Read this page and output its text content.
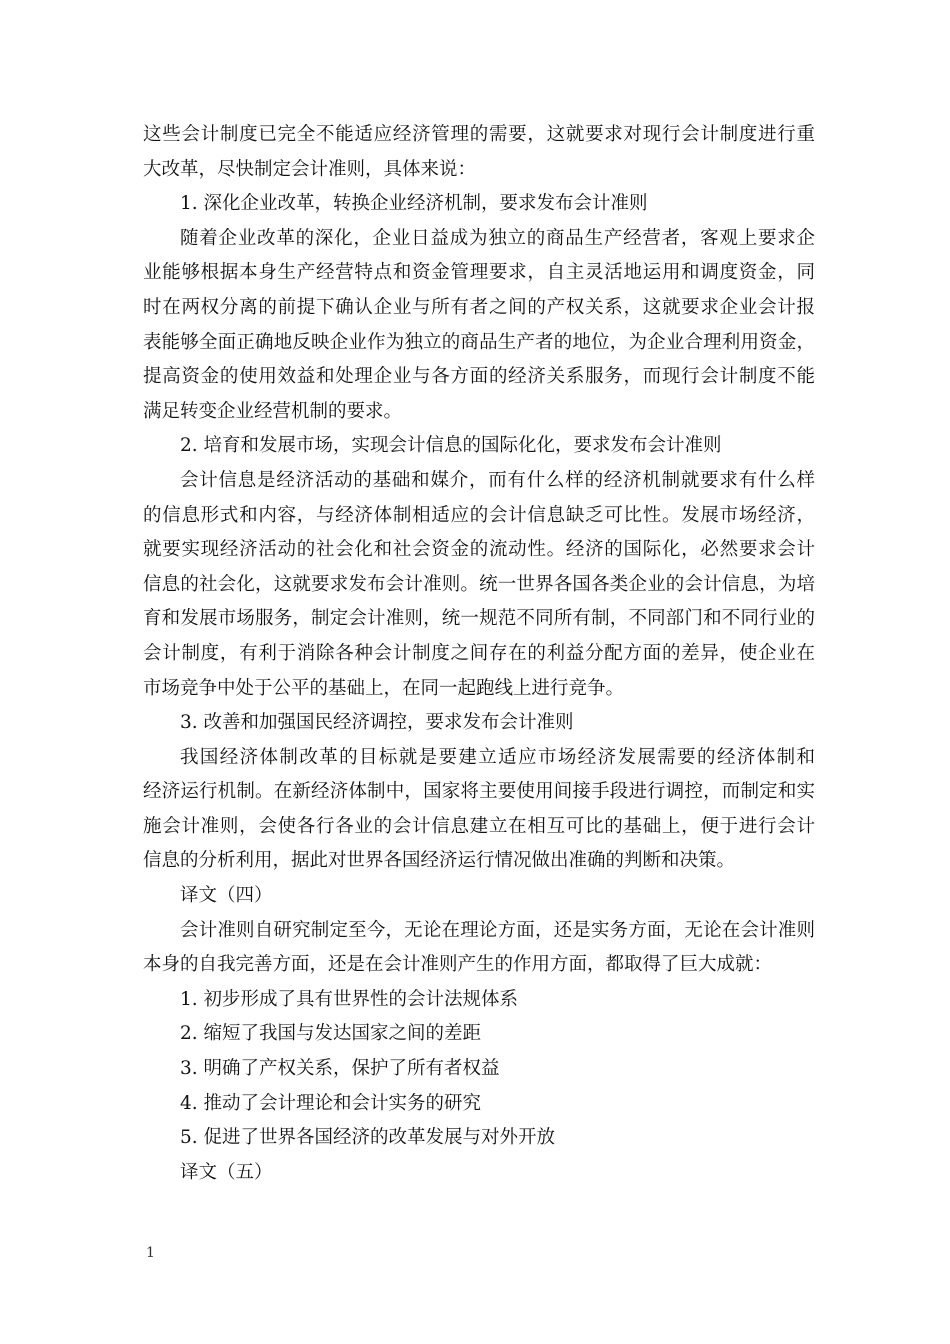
这些会计制度已完全不能适应经济管理的需要，这就要求对现行会计制度进行重
大改革，尽快制定会计准则，具体来说：
1. 深化企业改革，转换企业经济机制，要求发布会计准则
随着企业改革的深化，企业日益成为独立的商品生产经营者，客观上要求企
业能够根据本身生产经营特点和资金管理要求，自主灵活地运用和调度资金，同
时在两权分离的前提下确认企业与所有者之间的产权关系，这就要求企业会计报
表能够全面正确地反映企业作为独立的商品生产者的地位，为企业合理利用资金，
提高资金的使用效益和处理企业与各方面的经济关系服务，而现行会计制度不能
满足转变企业经营机制的要求。
2. 培育和发展市场，实现会计信息的国际化化，要求发布会计准则
会计信息是经济活动的基础和媒介，而有什么样的经济机制就要求有什么样
的信息形式和内容，与经济体制相适应的会计信息缺乏可比性。发展市场经济，
就要实现经济活动的社会化和社会资金的流动性。经济的国际化，必然要求会计
信息的社会化，这就要求发布会计准则。统一世界各国各类企业的会计信息，为培
育和发展市场服务，制定会计准则，统一规范不同所有制，不同部门和不同行业的
会计制度，有利于消除各种会计制度之间存在的利益分配方面的差异，使企业在
市场竞争中处于公平的基础上，在同一起跑线上进行竞争。
3. 改善和加强国民经济调控，要求发布会计准则
我国经济体制改革的目标就是要建立适应市场经济发展需要的经济体制和
经济运行机制。在新经济体制中，国家将主要使用间接手段进行调控，而制定和实
施会计准则，会使各行各业的会计信息建立在相互可比的基础上，便于进行会计
信息的分析利用，据此对世界各国经济运行情况做出准确的判断和决策。
译文（四）
会计准则自研究制定至今，无论在理论方面，还是实务方面，无论在会计准则
本身的自我完善方面，还是在会计准则产生的作用方面，都取得了巨大成就：
1. 初步形成了具有世界性的会计法规体系
2. 缩短了我国与发达国家之间的差距
3. 明确了产权关系，保护了所有者权益
4. 推动了会计理论和会计实务的研究
5. 促进了世界各国经济的改革发展与对外开放
译文（五）
1
